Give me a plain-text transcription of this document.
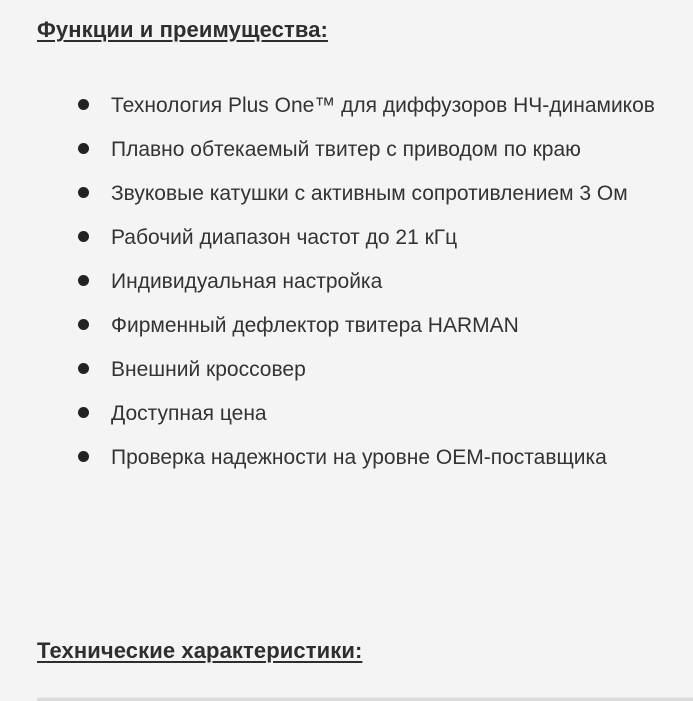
Функции и преимущества:
Технология Plus One™ для диффузоров НЧ-динамиков
Плавно обтекаемый твитер с приводом по краю
Звуковые катушки с активным сопротивлением 3 Ом
Рабочий диапазон частот до 21 кГц
Индивидуальная настройка
Фирменный дефлектор твитера HARMAN
Внешний кроссовер
Доступная цена
Проверка надежности на уровне OEM-поставщика
Технические характеристики:
